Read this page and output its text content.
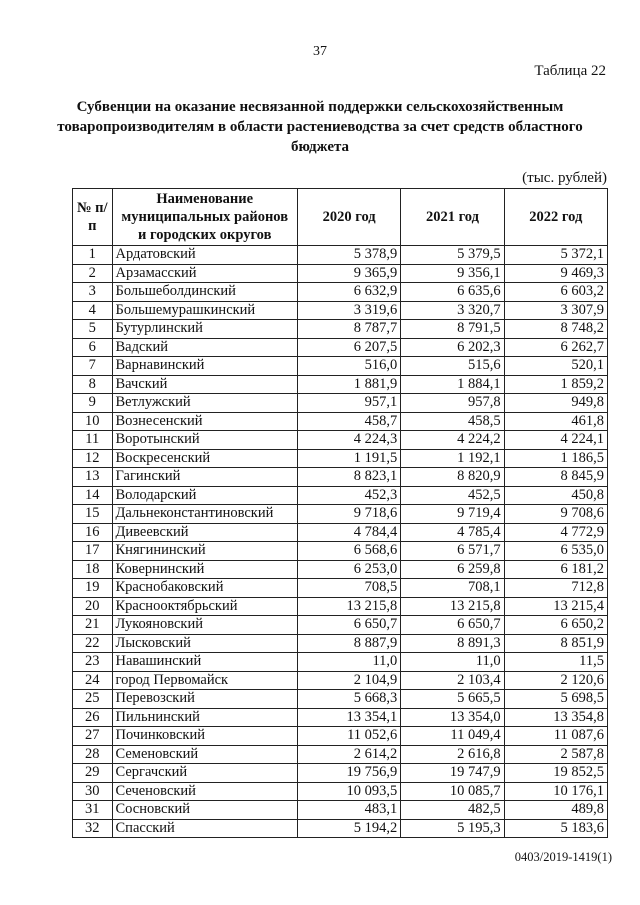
37
Таблица 22
Субвенции на оказание несвязанной поддержки сельскохозяйственным товаропроизводителям в области растениеводства за счет средств областного бюджета
(тыс. рублей)
№ п/п	Наименование муниципальных районов и городских округов	2020 год	2021 год	2022 год
1	Ардатовский	5 378,9	5 379,5	5 372,1
2	Арзамасский	9 365,9	9 356,1	9 469,3
3	Большеболдинский	6 632,9	6 635,6	6 603,2
4	Большемурашкинский	3 319,6	3 320,7	3 307,9
5	Бутурлинский	8 787,7	8 791,5	8 748,2
6	Вадский	6 207,5	6 202,3	6 262,7
7	Варнавинский	516,0	515,6	520,1
8	Вачский	1 881,9	1 884,1	1 859,2
9	Ветлужский	957,1	957,8	949,8
10	Вознесенский	458,7	458,5	461,8
11	Воротынский	4 224,3	4 224,2	4 224,1
12	Воскресенский	1 191,5	1 192,1	1 186,5
13	Гагинский	8 823,1	8 820,9	8 845,9
14	Володарский	452,3	452,5	450,8
15	Дальнеконстантиновский	9 718,6	9 719,4	9 708,6
16	Дивеевский	4 784,4	4 785,4	4 772,9
17	Княгининский	6 568,6	6 571,7	6 535,0
18	Ковернинский	6 253,0	6 259,8	6 181,2
19	Краснобаковский	708,5	708,1	712,8
20	Краснооктябрьский	13 215,8	13 215,8	13 215,4
21	Лукояновский	6 650,7	6 650,7	6 650,2
22	Лысковский	8 887,9	8 891,3	8 851,9
23	Навашинский	11,0	11,0	11,5
24	город Первомайск	2 104,9	2 103,4	2 120,6
25	Перевозский	5 668,3	5 665,5	5 698,5
26	Пильнинский	13 354,1	13 354,0	13 354,8
27	Починковский	11 052,6	11 049,4	11 087,6
28	Семеновский	2 614,2	2 616,8	2 587,8
29	Сергачский	19 756,9	19 747,9	19 852,5
30	Сеченовский	10 093,5	10 085,7	10 176,1
31	Сосновский	483,1	482,5	489,8
32	Спасский	5 194,2	5 195,3	5 183,6
0403/2019-1419(1)
